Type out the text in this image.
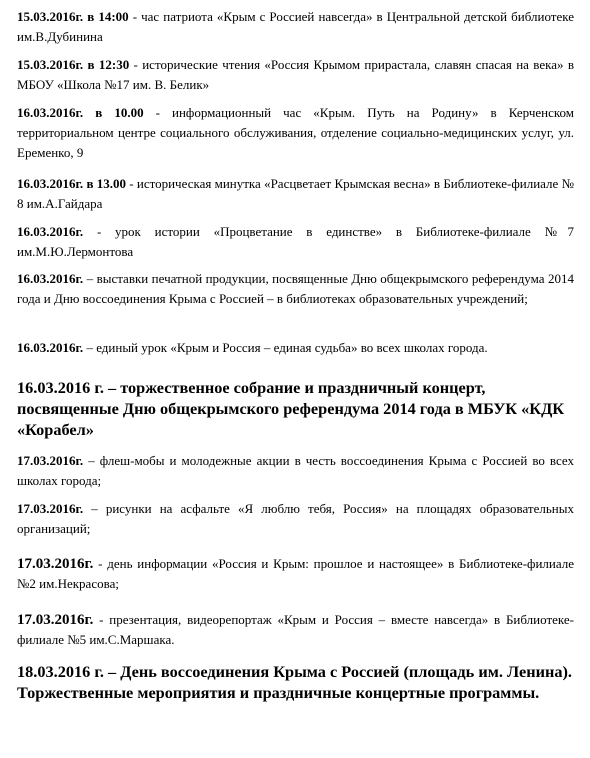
15.03.2016г. в 14:00 - час патриота «Крым с Россией навсегда» в Центральной детской библиотеке им.В.Дубинина

15.03.2016г. в 12:30 - исторические чтения «Россия Крымом прирастала, славян спасая на века» в МБОУ «Школа №17 им. В. Белик»

16.03.2016г. в 10.00 - информационный час «Крым. Путь на Родину» в Керченском территориальном центре социального обслуживания, отделение социально-медицинских услуг, ул. Еременко, 9

16.03.2016г. в 13.00 - историческая минутка «Расцветает Крымская весна» в Библиотеке-филиале № 8 им.А.Гайдара

16.03.2016г. - урок истории «Процветание в единстве» в Библиотеке-филиале №7 им.М.Ю.Лермонтова

16.03.2016г. – выставки печатной продукции, посвященные Дню общекрымского референдума 2014 года и Дню воссоединения Крыма с Россией – в библиотеках образовательных учреждений;

16.03.2016г. – единый урок «Крым и Россия – единая судьба» во всех школах города.

16.03.2016 г. – торжественное собрание и праздничный концерт, посвященные Дню общекрымского референдума 2014 года в МБУК «КДК «Корабел»

17.03.2016г. – флеш-мобы и молодежные акции в честь воссоединения Крыма с Россией во всех школах города;

17.03.2016г. – рисунки на асфальте «Я люблю тебя, Россия» на площадях образовательных организаций;

17.03.2016г. - день информации «Россия и Крым: прошлое и настоящее» в Библиотеке-филиале №2 им.Некрасова;

17.03.2016г. - презентация, видеорепортаж «Крым и Россия – вместе навсегда» в Библиотеке-филиале №5 им.С.Маршака.

18.03.2016 г. – День воссоединения Крыма с Россией (площадь им. Ленина). Торжественные мероприятия и праздничные концертные программы.
